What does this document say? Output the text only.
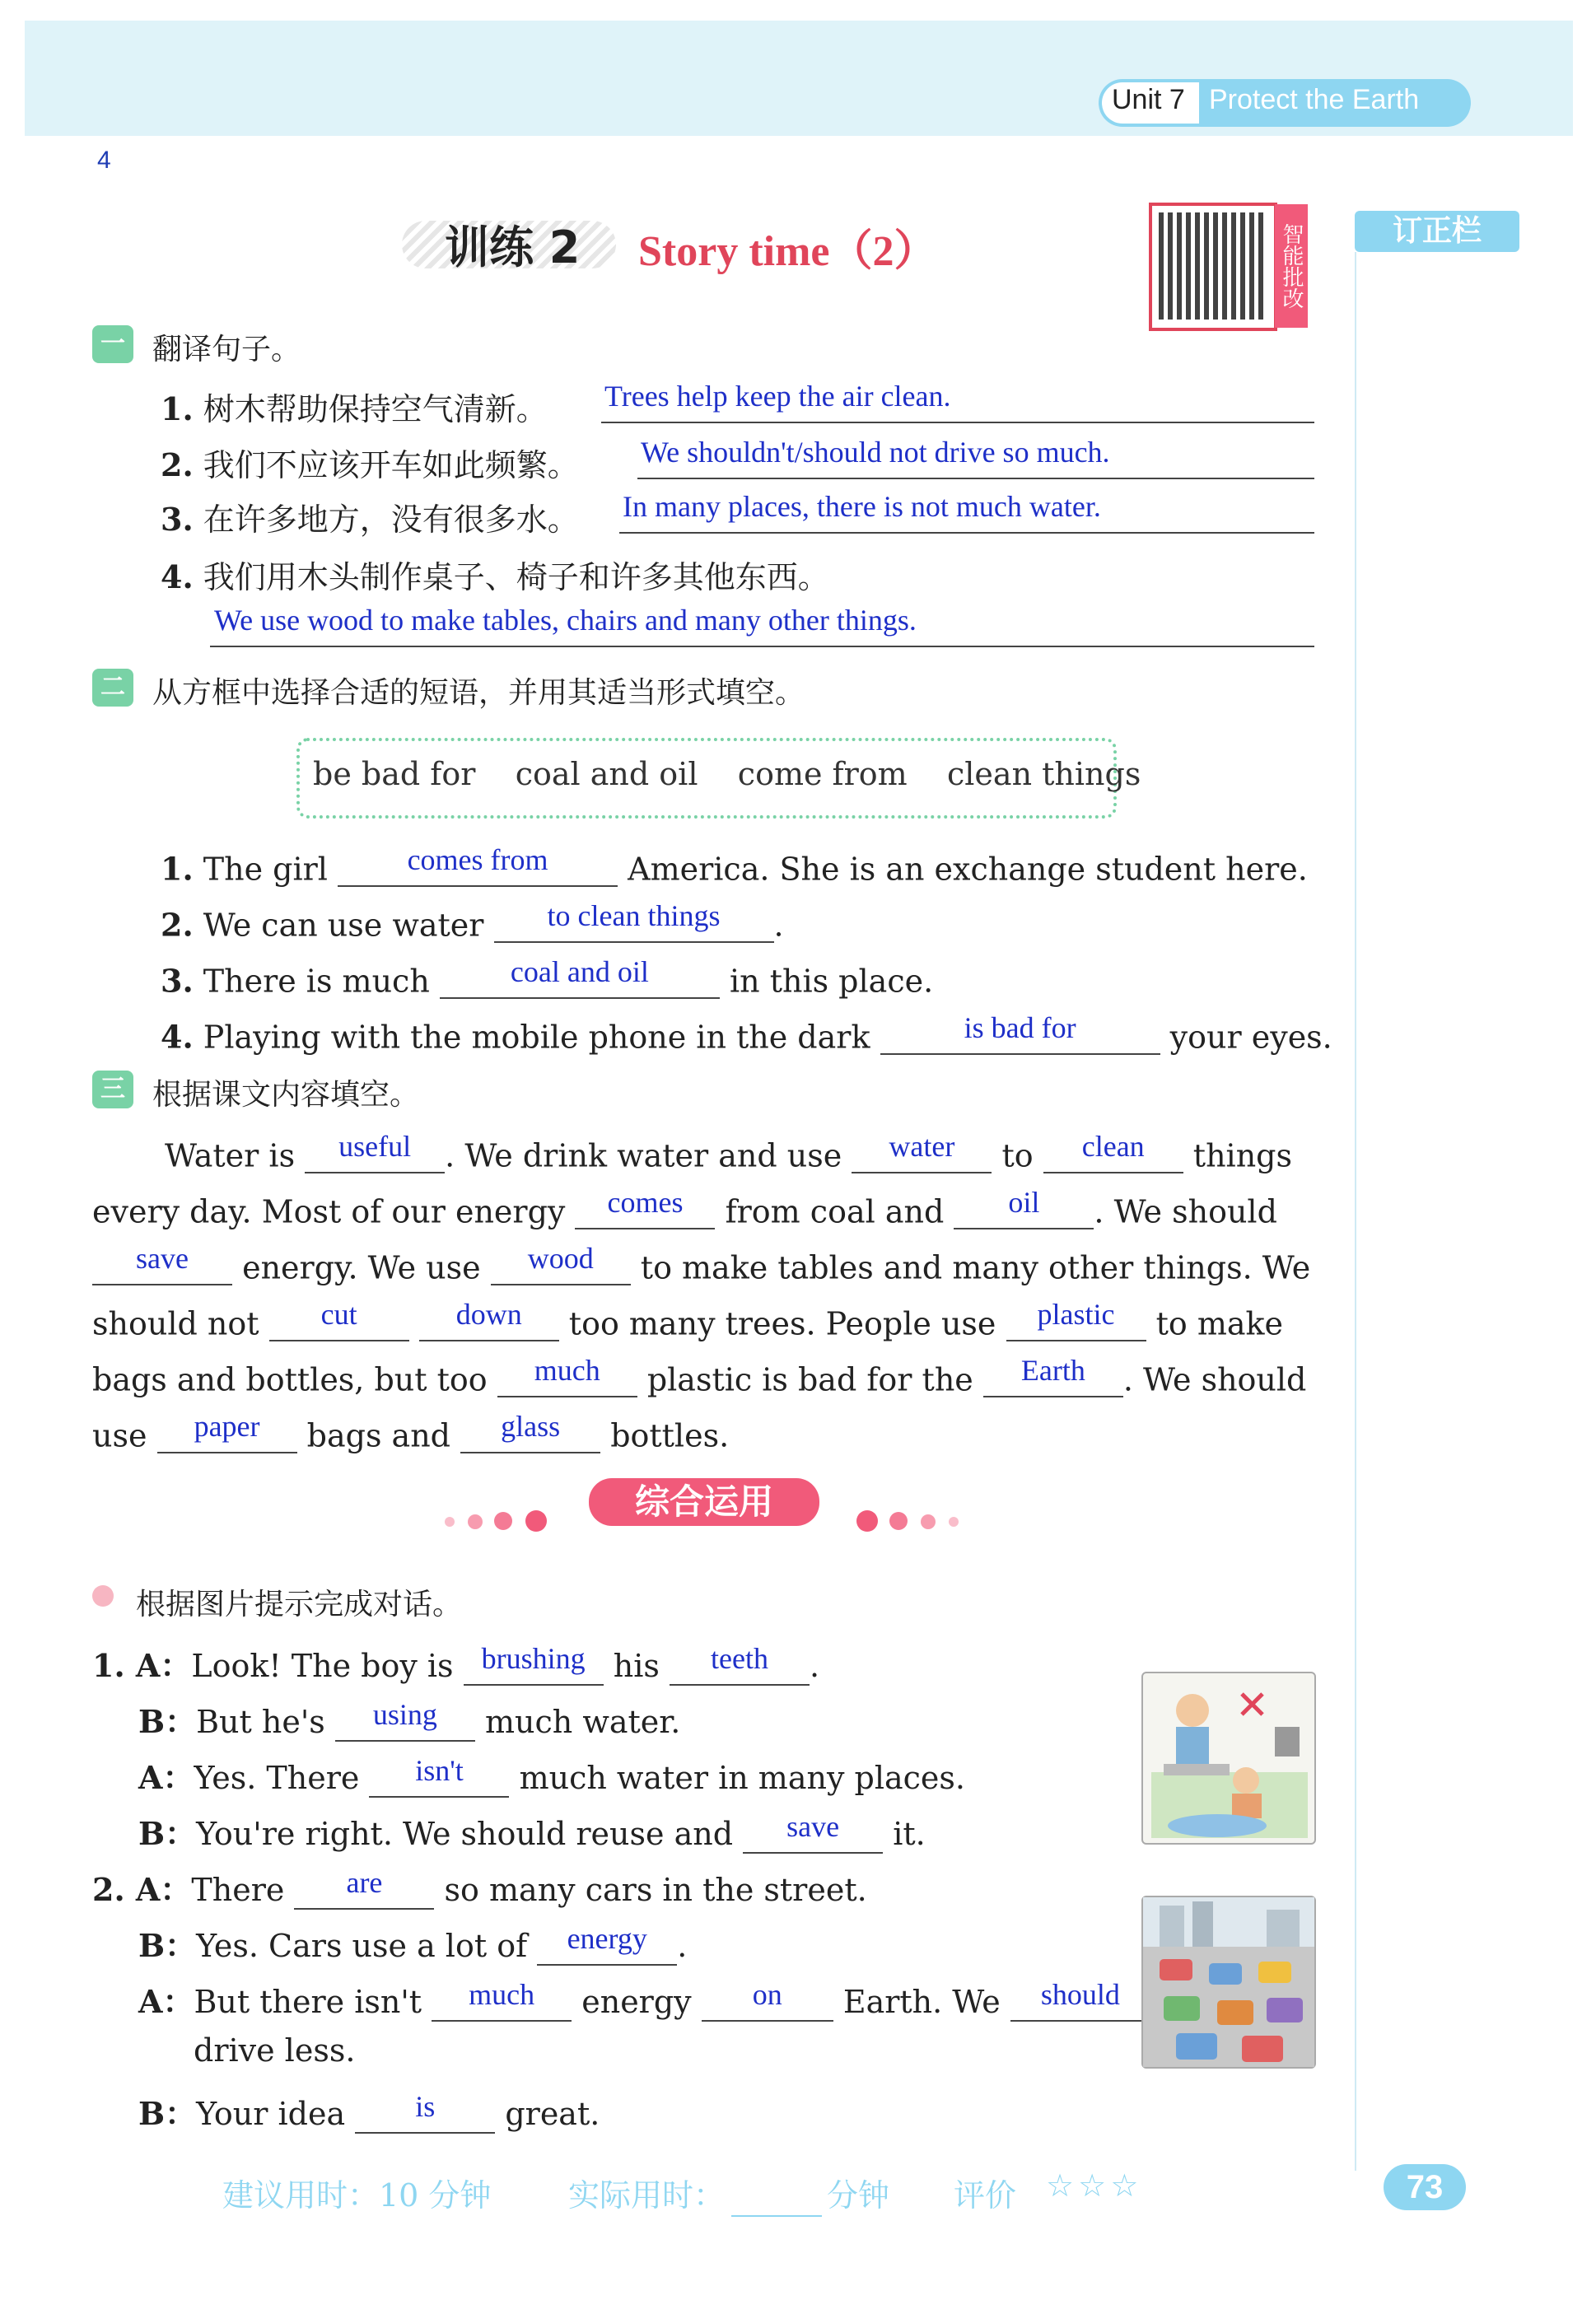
Unit 7 Protect the Earth
4
训练 2 Story time（2）	智能批改	订正栏
一 翻译句子。
1. 树木帮助保持空气清新。 Trees help keep the air clean.
2. 我们不应该开车如此频繁。 We shouldn't/should not drive so much.
3. 在许多地方，没有很多水。 In many places, there is not much water.
4. 我们用木头制作桌子、椅子和许多其他东西。
We use wood to make tables, chairs and many other things.
二 从方框中选择合适的短语，并用其适当形式填空。
be bad for    coal and oil    come from    clean things
1. The girl	comes from	America. She is an exchange student here.
2. We can use water to clean things .
3. There is much	coal and oil	in this place.
4. Playing with the mobile phone in the dark	is bad for	your eyes.
三 根据课文内容填空。
Water is useful . We drink water and use water to clean things
every day. Most of our energy comes from coal and oil . We should
save energy. We use wood to make tables and many other things. We
should not cut	down too many trees. People use plastic to make
bags and bottles, but too much plastic is bad for the Earth . We should
use paper bags and glass bottles.
综合运用
根据图片提示完成对话。
1. A：Look! The boy is brushing his teeth .
B：But he's using much water.
A：Yes. There isn't much water in many places.
B：You're right. We should reuse and save it.
2. A：There are so many cars in the street.
B：Yes. Cars use a lot of energy .
A：But there isn't much energy on Earth. We should
drive less.
B：Your idea is great.
建议用时：10 分钟 实际用时：	分钟 评价 ☆ ☆ ☆	73
